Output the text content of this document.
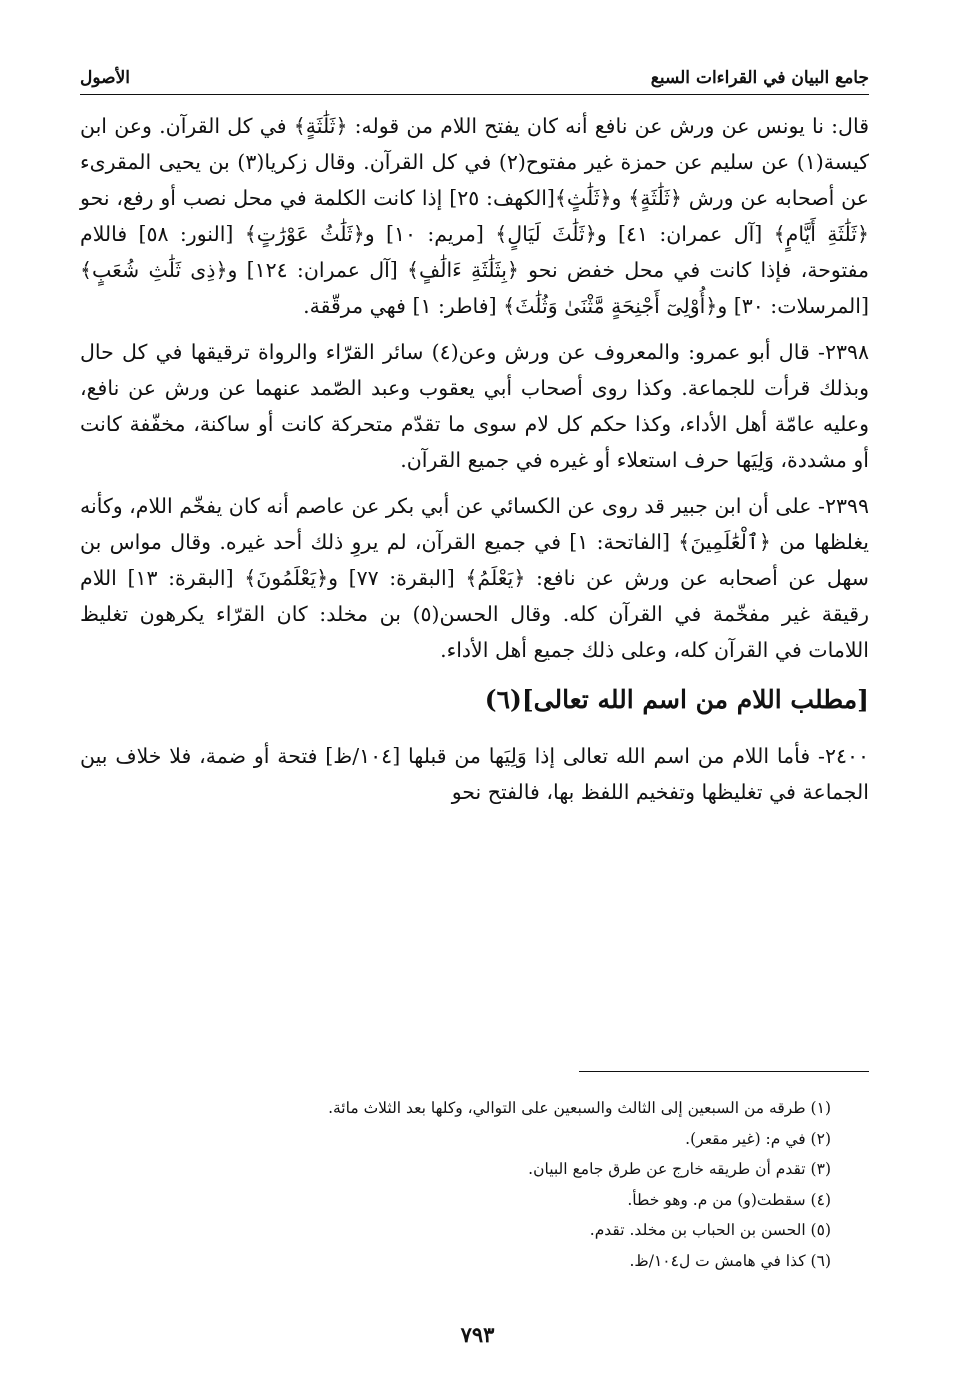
جامع البيان في القراءات السبع
الأصول

قال: نا يونس عن ورش عن نافع أنه كان يفتح اللام من قوله: ﴿ثَلَٰثَةٍ﴾ في كل القرآن. وعن ابن كيسة(١) عن سليم عن حمزة غير مفتوح(٢) في كل القرآن. وقال زكريا(٣) بن يحيى المقرىء عن أصحابه عن ورش ﴿ثَلَٰثَةٍ﴾ و﴿ثَلَٰثٍ﴾[الكهف: ٢٥] إذا كانت الكلمة في محل نصب أو رفع، نحو ﴿ثَلَٰثَةِ أَيَّامٍ﴾ [آل عمران: ٤١] و﴿ثَلَٰثَ لَيَالٍ﴾ [مريم: ١٠] و﴿ثَلَٰثُ عَوْرَٰتٍ﴾ [النور: ٥٨] فاللام مفتوحة، فإذا كانت في محل خفض نحو ﴿بِثَلَٰثَةِ ءَالَٰفٍ﴾ [آل عمران: ١٢٤] و﴿ذِى ثَلَٰثِ شُعَبٍ﴾ [المرسلات: ٣٠] و﴿أُوْلِىٓ أَجْنِحَةٍ مَّثْنَىٰ وَثُلَٰثَ﴾ [فاطر: ١] فهي مرقّقة.

٢٣٩٨- قال أبو عمرو: والمعروف عن ورش وعن(٤) سائر القرّاء والرواة ترقيقها في كل حال وبذلك قرأت للجماعة. وكذا روى أصحاب أبي يعقوب وعبد الصّمد عنهما عن ورش عن نافع، وعليه عامّة أهل الأداء، وكذا حكم كل لام سوى ما تقدّم متحركة كانت أو ساكنة، مخفّفة كانت أو مشددة، وَلِيَها حرف استعلاء أو غيره في جميع القرآن.

٢٣٩٩- على أن ابن جبير قد روى عن الكسائي عن أبي بكر عن عاصم أنه كان يفخّم اللام، وكأنه يغلظها من ﴿ٱلْعَٰلَمِينَ﴾ [الفاتحة: ١] في جميع القرآن، لم يروِ ذلك أحد غيره. وقال مواس بن سهل عن أصحابه عن ورش عن نافع: ﴿يَعْلَمُ﴾ [البقرة: ٧٧] و﴿يَعْلَمُونَ﴾ [البقرة: ١٣] اللام رقيقة غير مفخّمة في القرآن كله. وقال الحسن(٥) بن مخلد: كان القرّاء يكرهون تغليظ اللامات في القرآن كله، وعلى ذلك جميع أهل الأداء.

[مطلب اللام من اسم الله تعالى](٦)

٢٤٠٠- فأما اللام من اسم الله تعالى إذا وَلِيَها من قبلها [١٠٤/ظ] فتحة أو ضمة، فلا خلاف بين الجماعة في تغليظها وتفخيم اللفظ بها، فالفتح نحو

(١) طرقه من السبعين إلى الثالث والسبعين على التوالي، وكلها بعد الثلاث مائة.
(٢) في م: (غير مقعر).
(٣) تقدم أن طريقه خارج عن طرق جامع البيان.
(٤) سقطت(و) من م. وهو خطأ.
(٥) الحسن بن الحباب بن مخلد. تقدم.
(٦) كذا في هامش ت ل١٠٤/ظ.
٧٩٣
